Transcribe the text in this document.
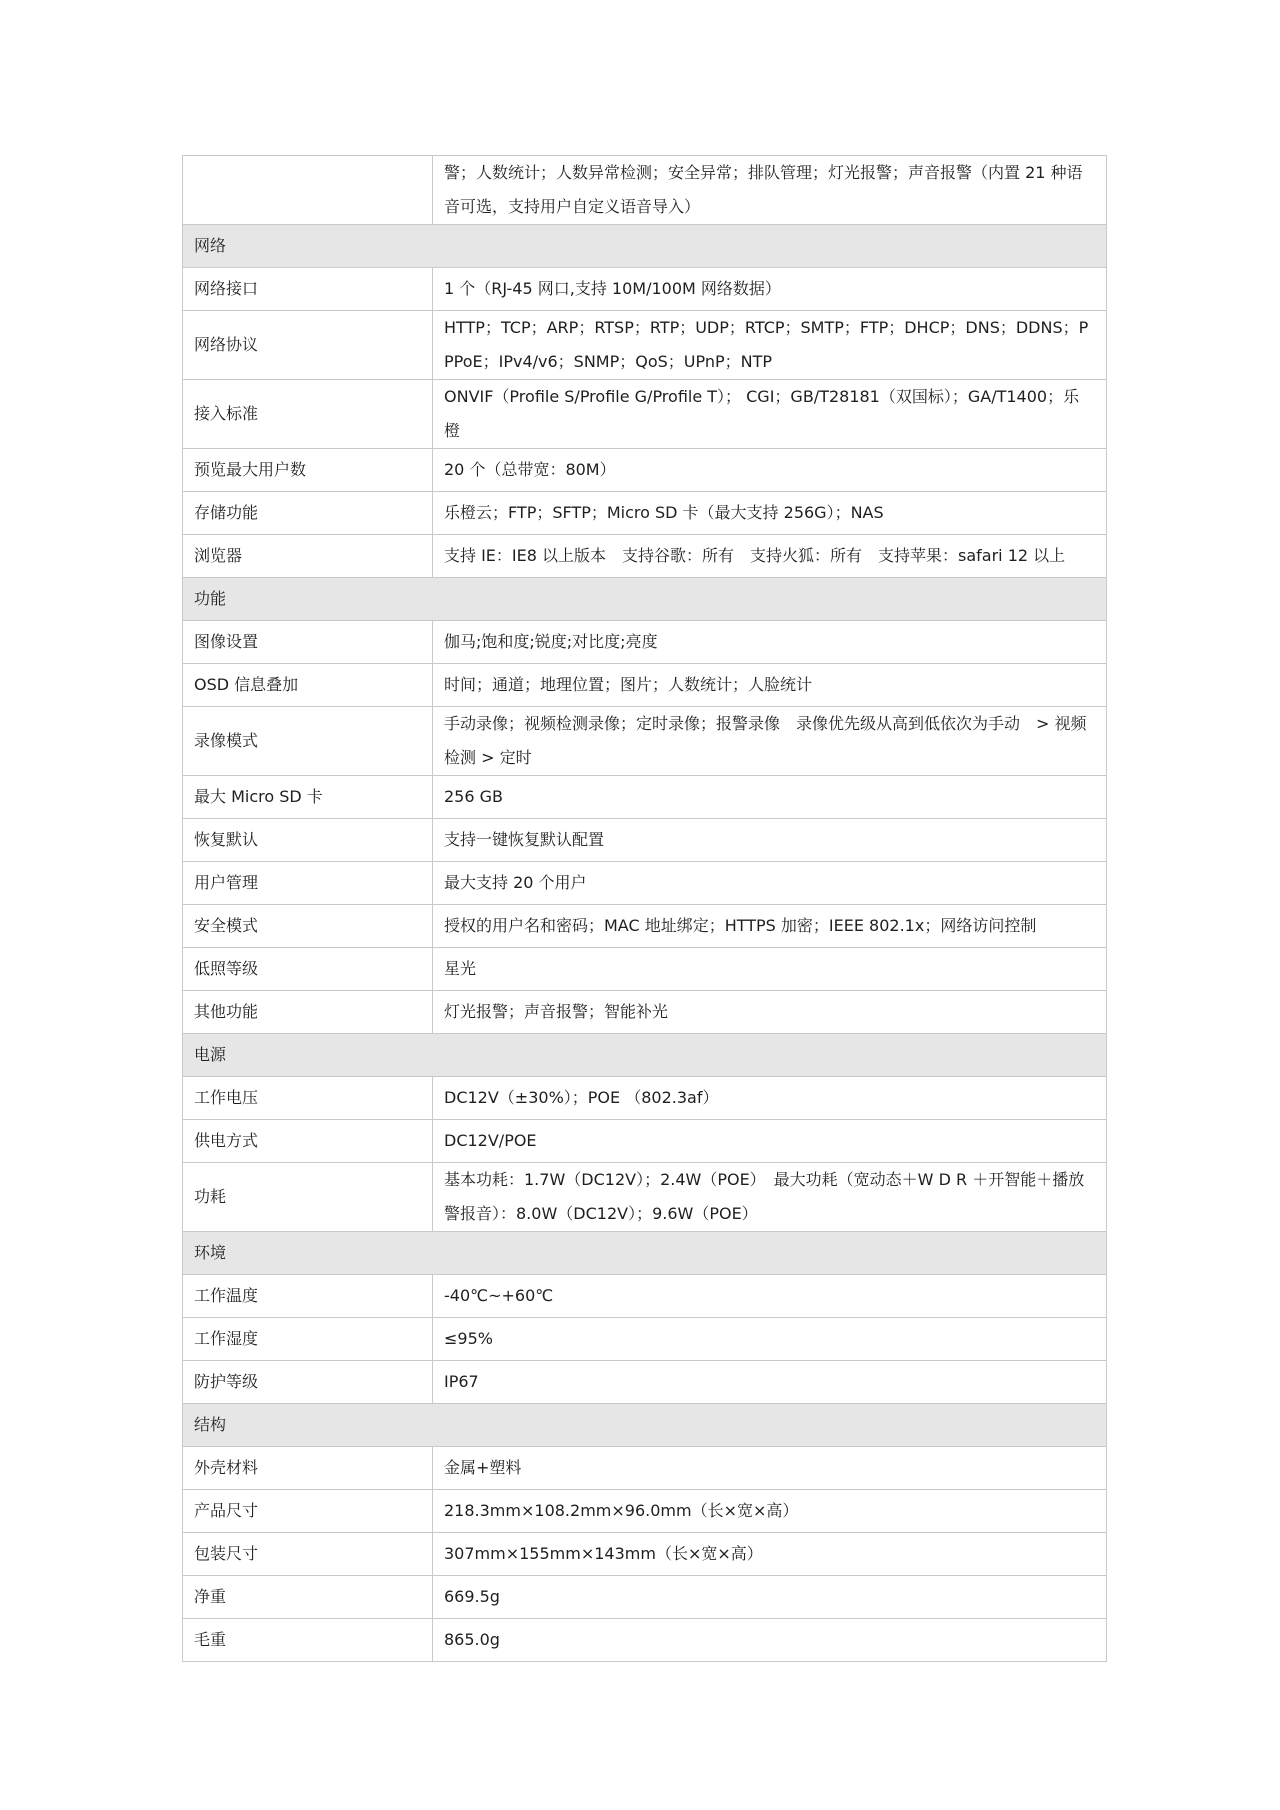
	警；人数统计；人数异常检测；安全异常；排队管理；灯光报警；声音报警（内置 21 种语音可选，支持用户自定义语音导入）
网络	
网络接口	1 个（RJ-45 网口,支持 10M/100M 网络数据）
网络协议	HTTP；TCP；ARP；RTSP；RTP；UDP；RTCP；SMTP；FTP；DHCP；DNS；DDNS；PPPoE；IPv4/v6；SNMP；QoS；UPnP；NTP
接入标准	ONVIF（Profile S/Profile G/Profile T）； CGI；GB/T28181（双国标）；GA/T1400；乐橙
预览最大用户数	20 个（总带宽：80M）
存储功能	乐橙云；FTP；SFTP；Micro SD 卡（最大支持 256G）；NAS
浏览器	支持 IE：IE8 以上版本　支持谷歌：所有　支持火狐：所有　支持苹果：safari 12 以上
功能	
图像设置	伽马;饱和度;锐度;对比度;亮度
OSD 信息叠加	时间；通道；地理位置；图片；人数统计；人脸统计
录像模式	手动录像；视频检测录像；定时录像；报警录像　录像优先级从高到低依次为手动　> 视频检测 > 定时
最大 Micro SD 卡	256 GB
恢复默认	支持一键恢复默认配置
用户管理	最大支持 20 个用户
安全模式	授权的用户名和密码；MAC 地址绑定；HTTPS 加密；IEEE 802.1x；网络访问控制
低照等级	星光
其他功能	灯光报警；声音报警；智能补光
电源	
工作电压	DC12V（±30%）；POE （802.3af）
供电方式	DC12V/POE
功耗	基本功耗：1.7W（DC12V）；2.4W（POE）　最大功耗（宽动态＋W D R ＋开智能＋播放警报音）：8.0W（DC12V）；9.6W（POE）
环境	
工作温度	-40℃~+60℃
工作湿度	≤95%
防护等级	IP67
结构	
外壳材料	金属+塑料
产品尺寸	218.3mm×108.2mm×96.0mm（长×宽×高）
包装尺寸	307mm×155mm×143mm（长×宽×高）
净重	669.5g
毛重	865.0g
